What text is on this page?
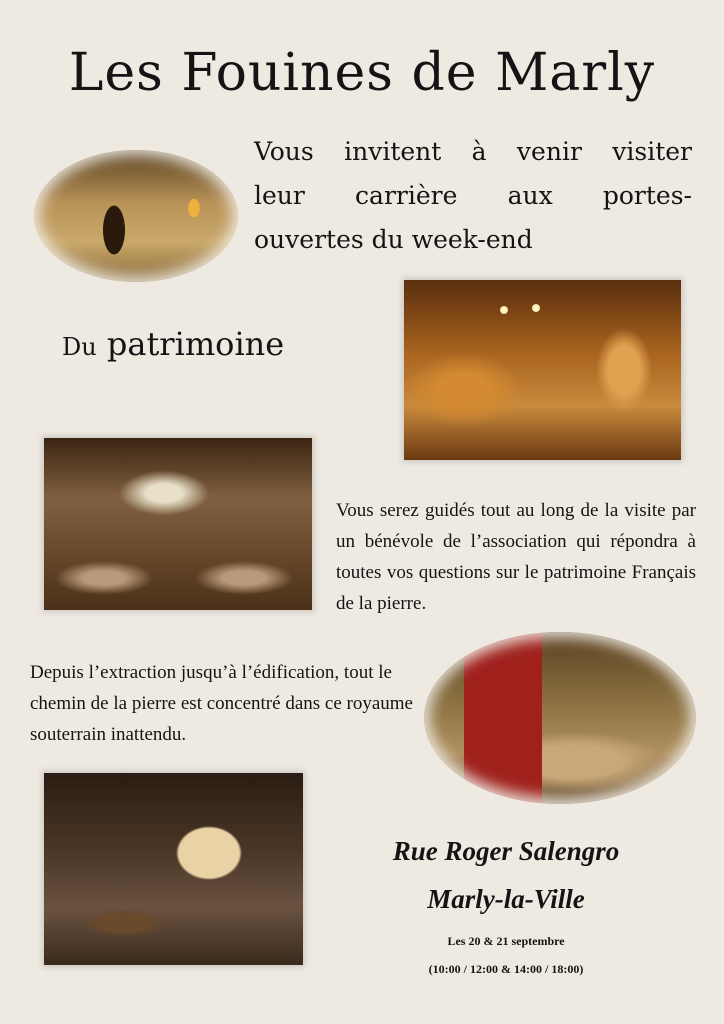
Les Fouines de Marly
Vous invitent à venir visiter
leur carrière aux portes-
ouvertes du week-end
Du patrimoine
Vous serez guidés tout au long de la visite par un bénévole de l’association qui répondra à toutes vos questions sur le patrimoine Français de la pierre.
Depuis l’extraction jusqu’à l’édification, tout le chemin de la pierre est concentré dans ce royaume souterrain inattendu.
Rue Roger Salengro
Marly-la-Ville
Les 20 & 21 septembre
(10:00 / 12:00 & 14:00 / 18:00)
